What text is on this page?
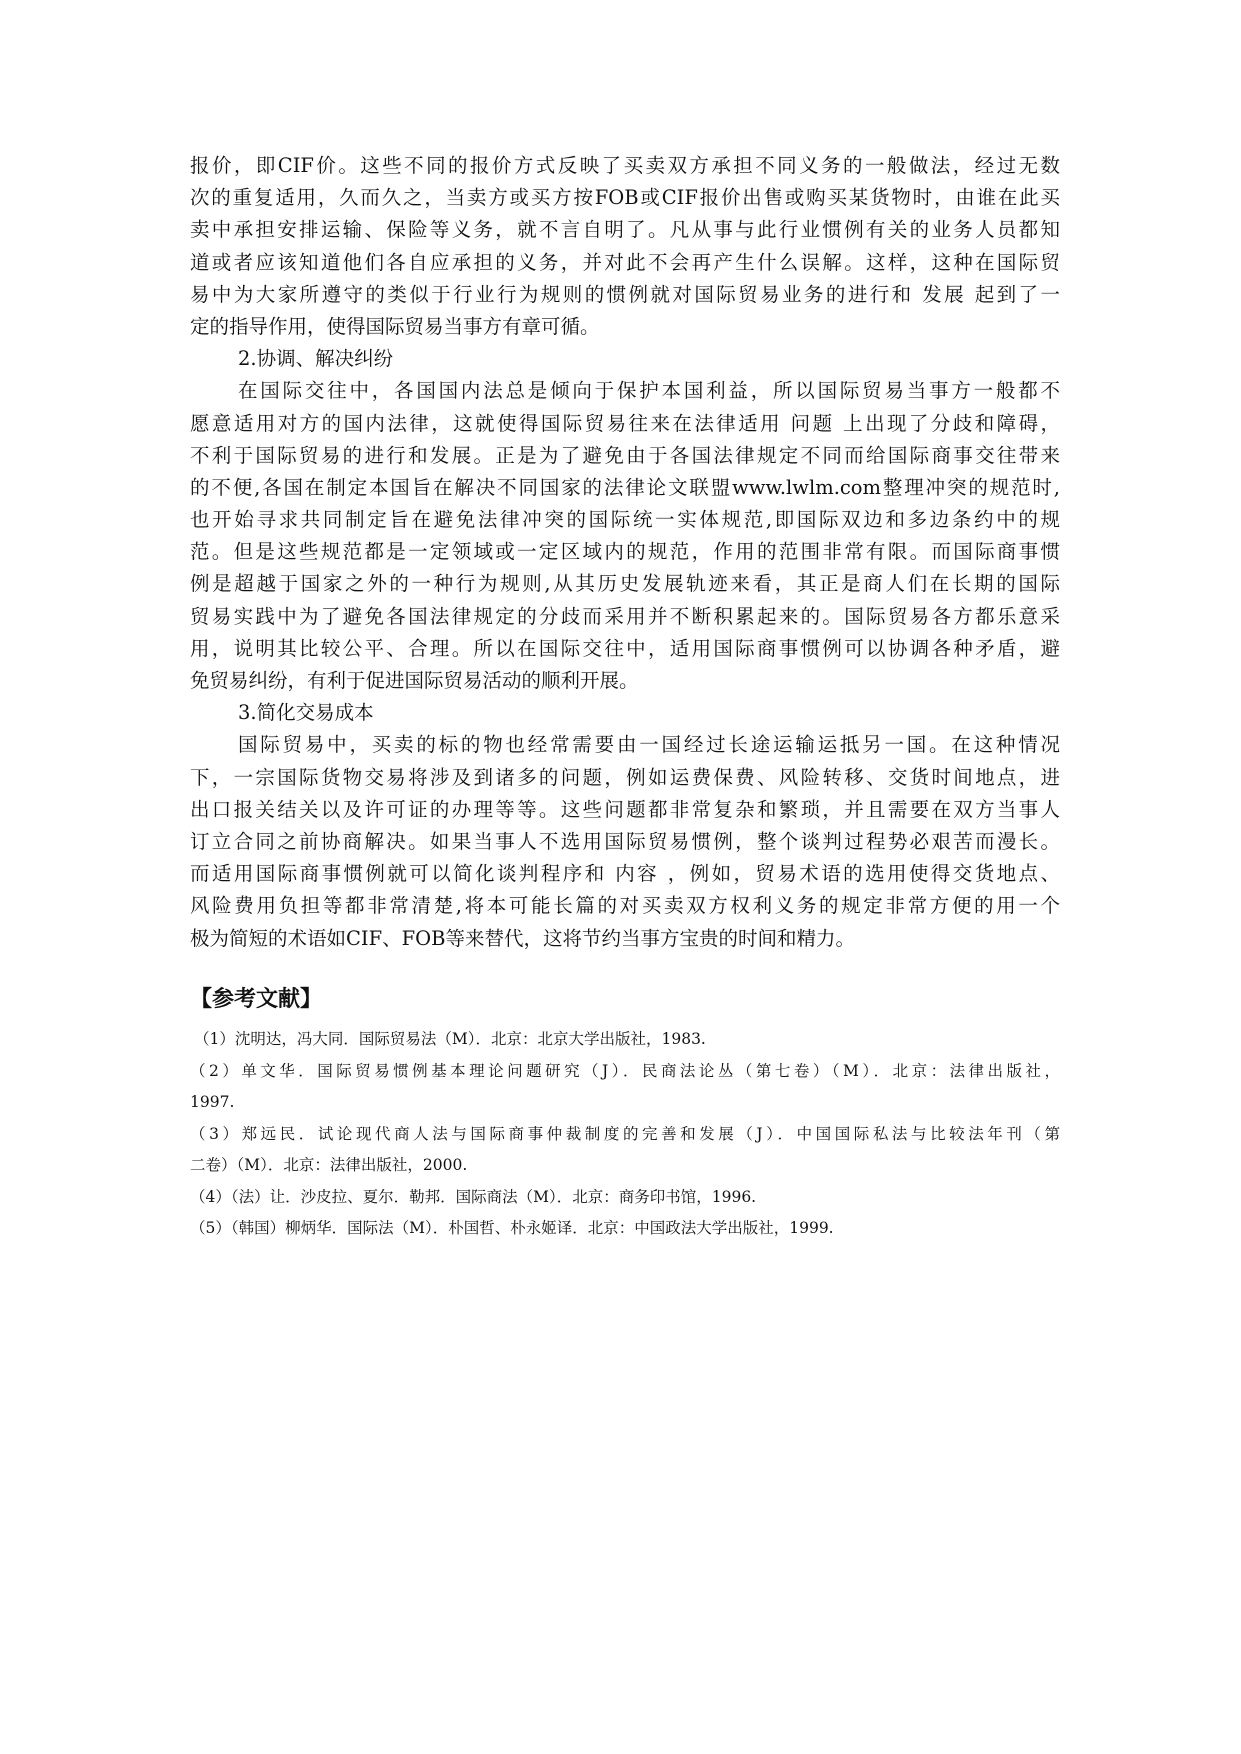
报价，即CIF价。这些不同的报价方式反映了买卖双方承担不同义务的一般做法，经过无数
次的重复适用，久而久之，当卖方或买方按FOB或CIF报价出售或购买某货物时，由谁在此买
卖中承担安排运输、保险等义务，就不言自明了。凡从事与此行业惯例有关的业务人员都知
道或者应该知道他们各自应承担的义务，并对此不会再产生什么误解。这样，这种在国际贸
易中为大家所遵守的类似于行业行为规则的惯例就对国际贸易业务的进行和 发展 起到了一
定的指导作用，使得国际贸易当事方有章可循。
2.协调、解决纠纷
在国际交往中，各国国内法总是倾向于保护本国利益，所以国际贸易当事方一般都不
愿意适用对方的国内法律，这就使得国际贸易往来在法律适用 问题 上出现了分歧和障碍，
不利于国际贸易的进行和发展。正是为了避免由于各国法律规定不同而给国际商事交往带来
的不便,各国在制定本国旨在解决不同国家的法律论文联盟www.lwlm.com整理冲突的规范时,
也开始寻求共同制定旨在避免法律冲突的国际统一实体规范,即国际双边和多边条约中的规
范。但是这些规范都是一定领域或一定区域内的规范，作用的范围非常有限。而国际商事惯
例是超越于国家之外的一种行为规则,从其历史发展轨迹来看，其正是商人们在长期的国际
贸易实践中为了避免各国法律规定的分歧而采用并不断积累起来的。国际贸易各方都乐意采
用，说明其比较公平、合理。所以在国际交往中，适用国际商事惯例可以协调各种矛盾，避
免贸易纠纷，有利于促进国际贸易活动的顺利开展。
3.简化交易成本
国际贸易中，买卖的标的物也经常需要由一国经过长途运输运抵另一国。在这种情况
下，一宗国际货物交易将涉及到诸多的问题，例如运费保费、风险转移、交货时间地点，进
出口报关结关以及许可证的办理等等。这些问题都非常复杂和繁琐，并且需要在双方当事人
订立合同之前协商解决。如果当事人不选用国际贸易惯例，整个谈判过程势必艰苦而漫长。
而适用国际商事惯例就可以简化谈判程序和 内容 ，例如，贸易术语的选用使得交货地点、
风险费用负担等都非常清楚,将本可能长篇的对买卖双方权利义务的规定非常方便的用一个
极为简短的术语如CIF、FOB等来替代，这将节约当事方宝贵的时间和精力。
【参考文献】
（1）沈明达，冯大同．国际贸易法（M）．北京：北京大学出版社，1983.
（2）单文华．国际贸易惯例基本理论问题研究（J）．民商法论丛（第七卷）（M）．北京：法律出版社，
1997.
（3）郑远民．试论现代商人法与国际商事仲裁制度的完善和发展（J）．中国国际私法与比较法年刊（第
二卷）（M）．北京：法律出版社，2000.
（4）（法）让．沙皮拉、夏尔．勒邦．国际商法（M）．北京：商务印书馆，1996.
（5）（韩国）柳炳华．国际法（M）．朴国哲、朴永姬译．北京：中国政法大学出版社，1999.
